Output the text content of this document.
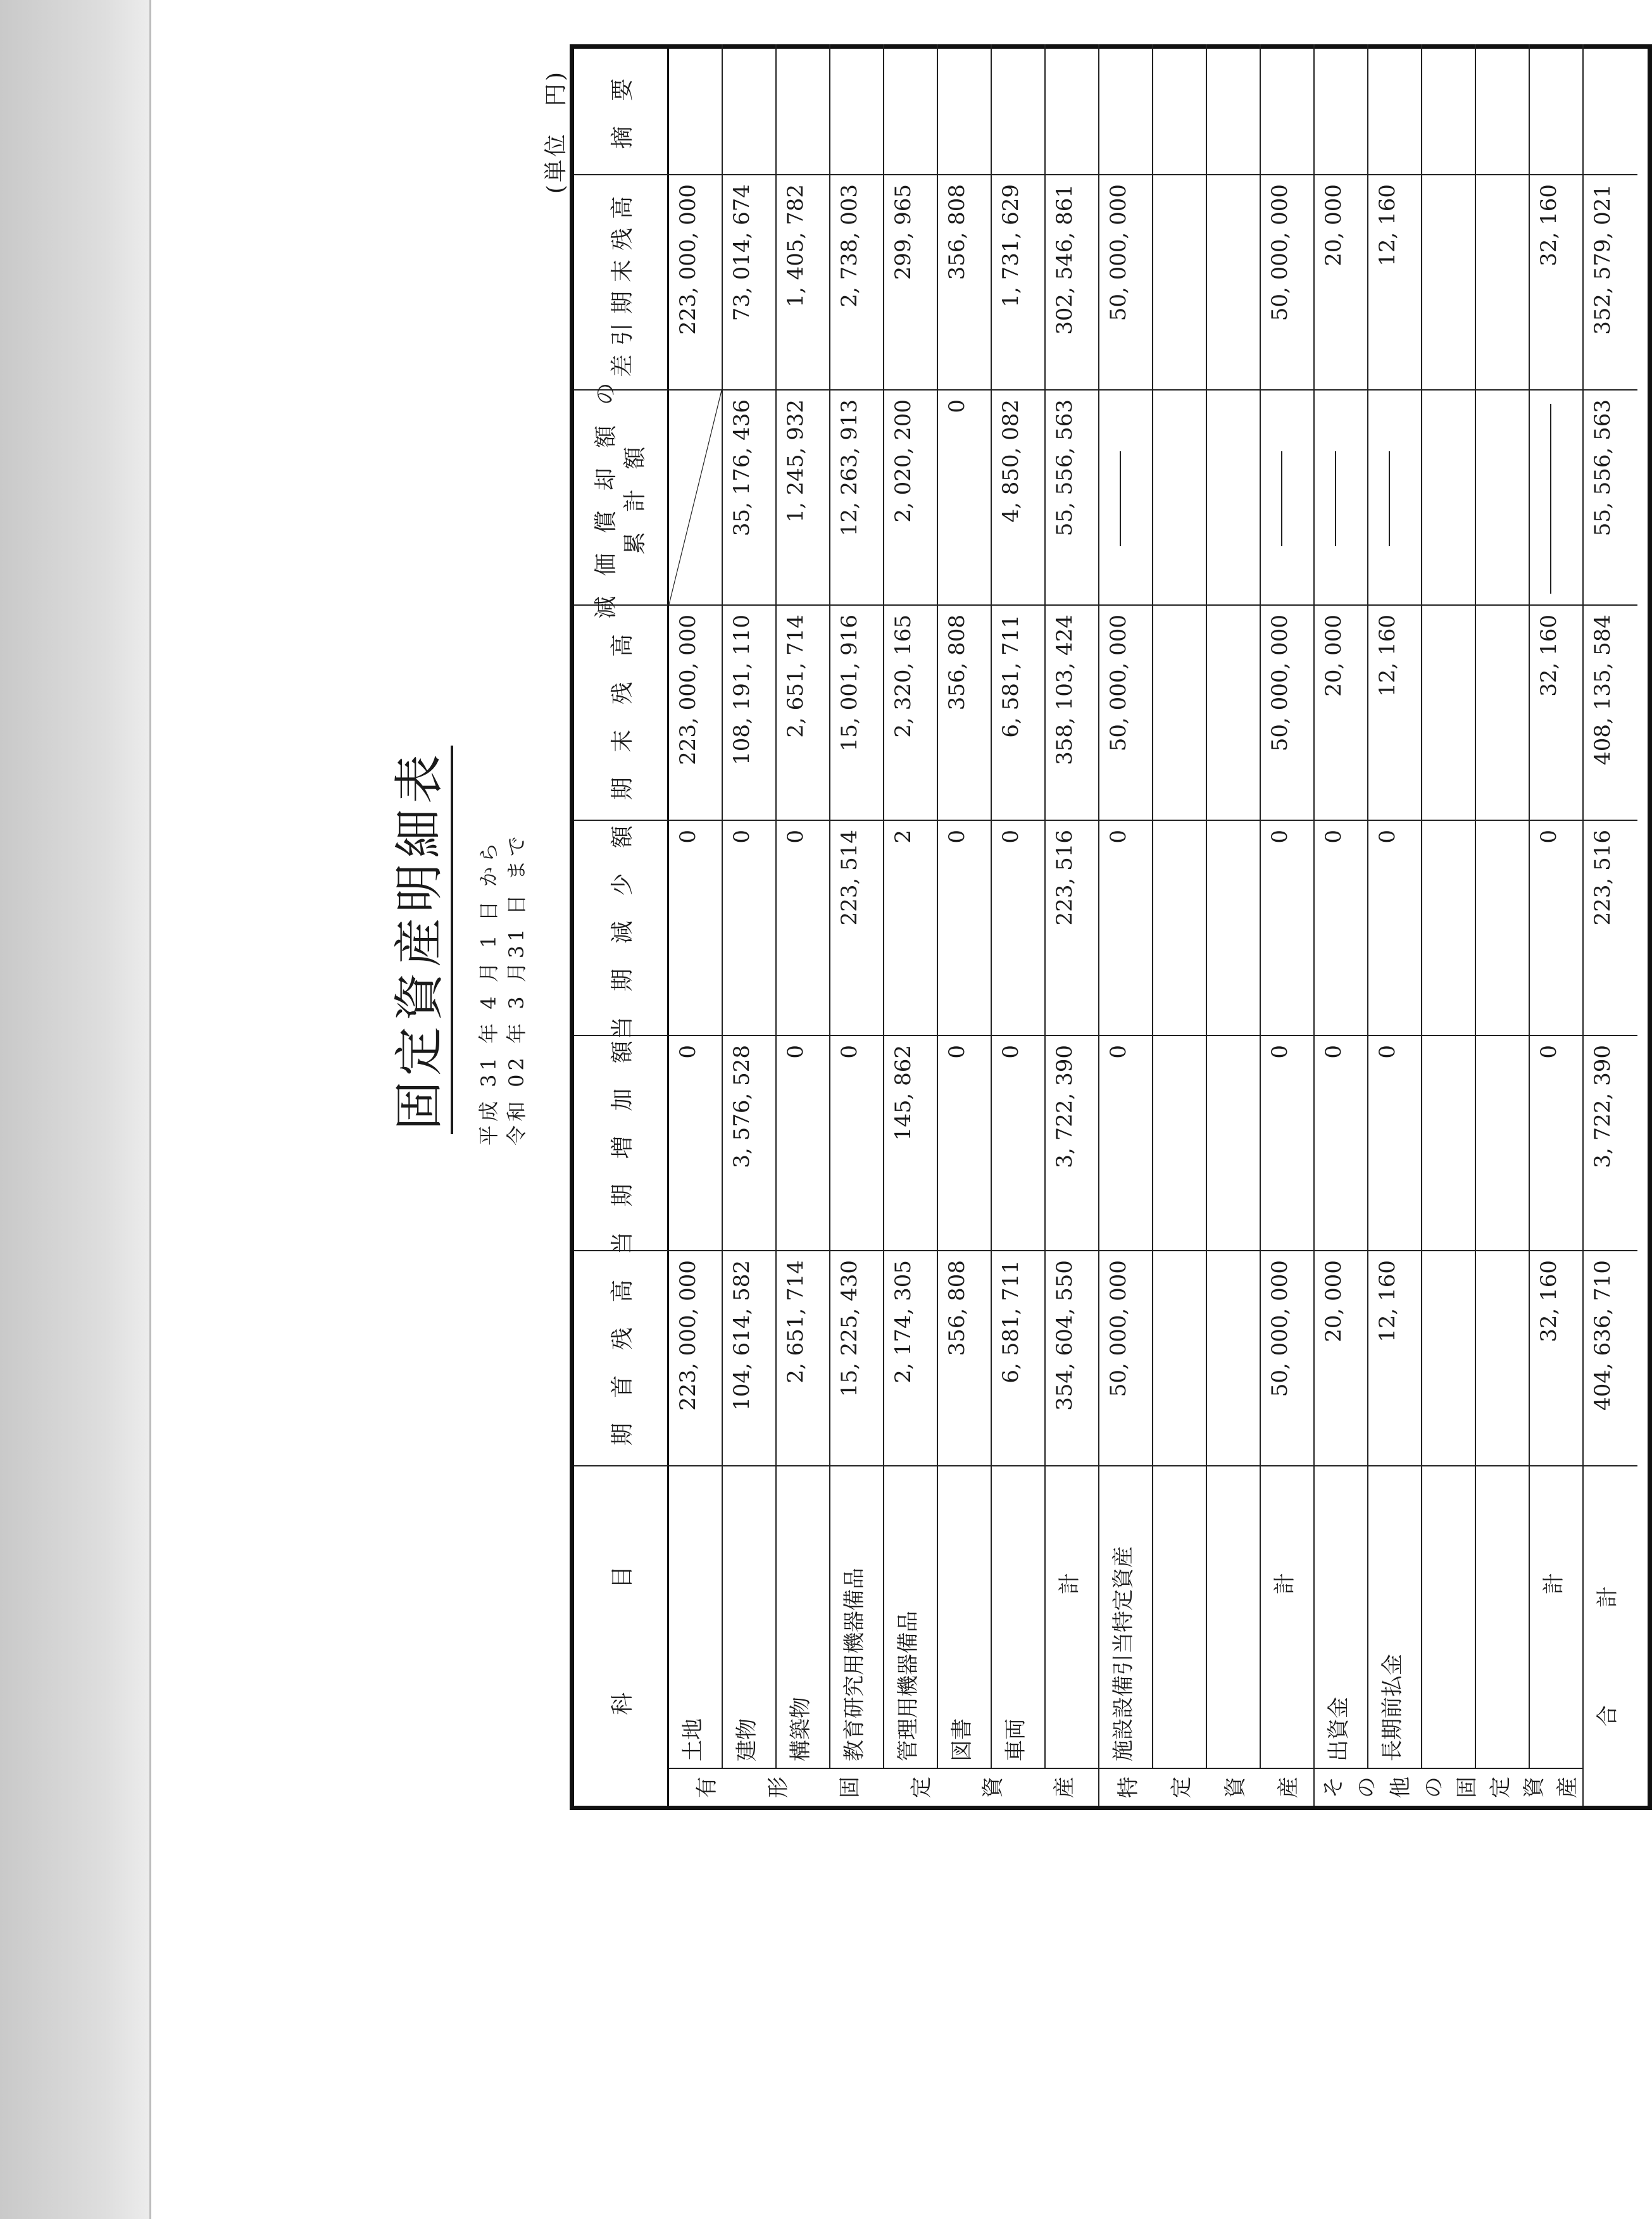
固定資産明細表 平成 31 年 4 月 1 日 から 令和 02 年 3 月31 日 まで
(単位　円)
科　　　目
期 首 残 高
当 期 増 加 額
当 期 減 少 額
期 末 残 高
減 価 償 却 額 の 累 計 額
差引期末残高
摘 要
有 形 固 定 資 産
土地
223, 000, 000
0
0
223, 000, 000
223, 000, 000
建物
104, 614, 582
3, 576, 528
0
108, 191, 110
35, 176, 436
73, 014, 674
構築物
2, 651, 714
0
0
2, 651, 714
1, 245, 932
1, 405, 782
教育研究用機器備品
15, 225, 430
0
223, 514
15, 001, 916
12, 263, 913
2, 738, 003
管理用機器備品
2, 174, 305
145, 862
2
2, 320, 165
2, 020, 200
299, 965
図書
356, 808
0
0
356, 808
0
356, 808
車両
6, 581, 711
0
0
6, 581, 711
4, 850, 082
1, 731, 629
計
354, 604, 550
3, 722, 390
223, 516
358, 103, 424
55, 556, 563
302, 546, 861
特 定 資 産
施設設備引当特定資産
50, 000, 000
0
0
50, 000, 000
50, 000, 000
計
50, 000, 000
0
0
50, 000, 000
50, 000, 000
そ の 他 の 固 定 資 産
出資金
20, 000
0
0
20, 000
20, 000
長期前払金
12, 160
0
0
12, 160
12, 160
計
32, 160
0
0
32, 160
32, 160
合　計
404, 636, 710
3, 722, 390
223, 516
408, 135, 584
55, 556, 563
352, 579, 021
